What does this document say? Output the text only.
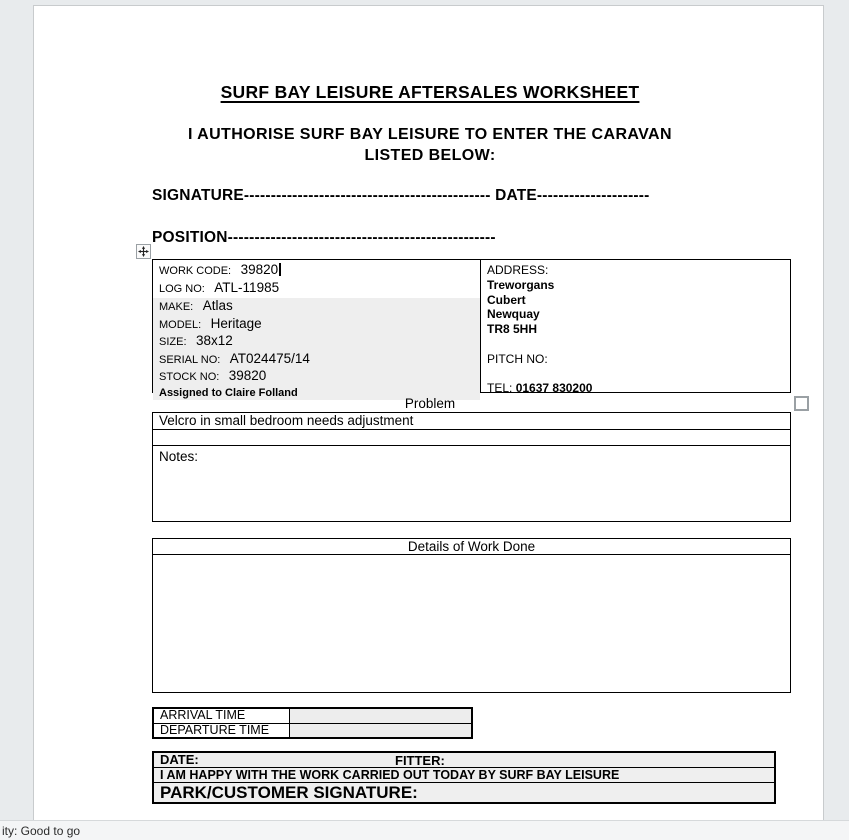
SURF BAY LEISURE AFTERSALES WORKSHEET
I AUTHORISE SURF BAY LEISURE TO ENTER THE CARAVAN
LISTED BELOW:
SIGNATURE---------------------------------------------- DATE---------------------
POSITION--------------------------------------------------
WORK CODE: 39820
LOG NO: ATL-11985
MAKE: Atlas
MODEL: Heritage
SIZE: 38x12
SERIAL NO: AT024475/14
STOCK NO: 39820
Assigned to Claire Folland
ADDRESS:
Treworgans
Cubert
Newquay
TR8 5HH
PITCH NO:
TEL: 01637 830200
Problem
Velcro in small bedroom needs adjustment
Notes:
Details of Work Done
ARRIVAL TIME
DEPARTURE TIME
DATE:	FITTER:
I AM HAPPY WITH THE WORK CARRIED OUT TODAY BY SURF BAY LEISURE
PARK/CUSTOMER SIGNATURE:
ity: Good to go
